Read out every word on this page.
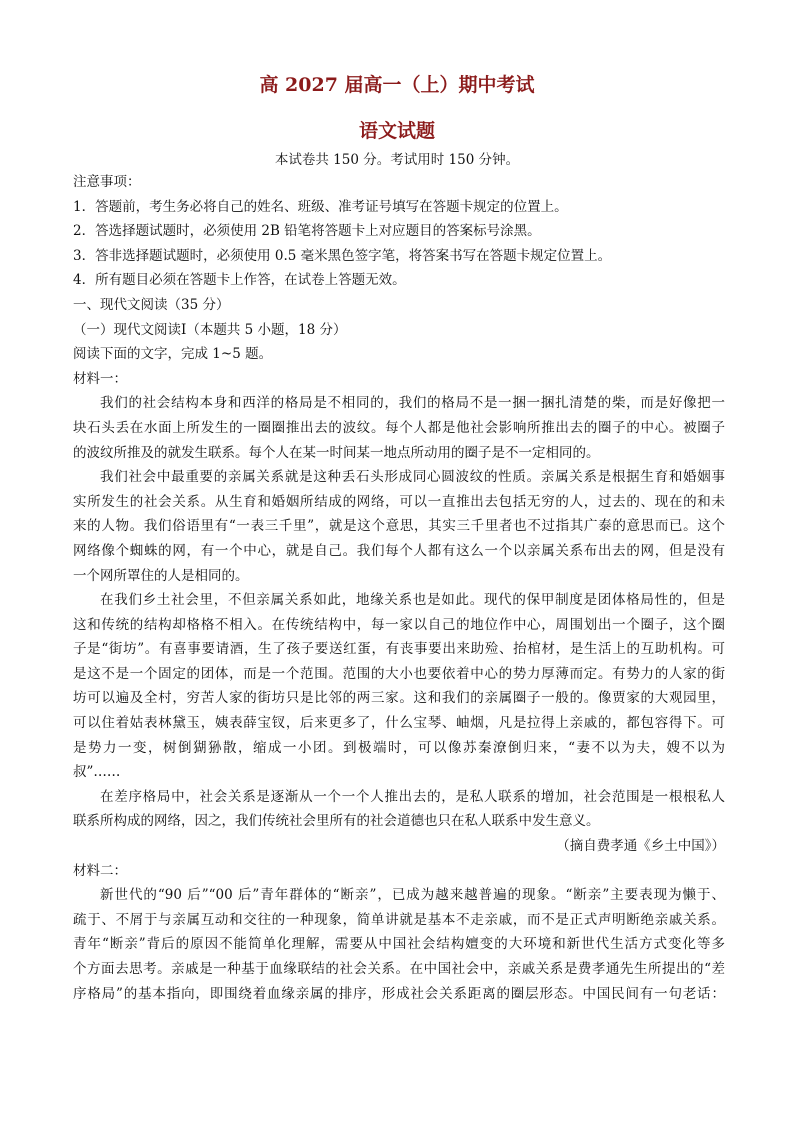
高 2027 届高一（上）期中考试
语文试题
本试卷共 150 分。考试用时 150 分钟。
注意事项：
1．答题前，考生务必将自己的姓名、班级、准考证号填写在答题卡规定的位置上。
2．答选择题试题时，必须使用 2B 铅笔将答题卡上对应题目的答案标号涂黑。
3．答非选择题试题时，必须使用 0.5 毫米黑色签字笔，将答案书写在答题卡规定位置上。
4．所有题目必须在答题卡上作答，在试卷上答题无效。
一、现代文阅读（35 分）
（一）现代文阅读Ⅰ（本题共 5 小题，18 分）
阅读下面的文字，完成 1~5 题。
材料一：
我们的社会结构本身和西洋的格局是不相同的，我们的格局不是一捆一捆扎清楚的柴，而是好像把一
块石头丢在水面上所发生的一圈圈推出去的波纹。每个人都是他社会影响所推出去的圈子的中心。被圈子
的波纹所推及的就发生联系。每个人在某一时间某一地点所动用的圈子是不一定相同的。
我们社会中最重要的亲属关系就是这种丢石头形成同心圆波纹的性质。亲属关系是根据生育和婚姻事
实所发生的社会关系。从生育和婚姻所结成的网络，可以一直推出去包括无穷的人，过去的、现在的和未
来的人物。我们俗语里有“一表三千里”，就是这个意思，其实三千里者也不过指其广泰的意思而已。这个
网络像个蜘蛛的网，有一个中心，就是自己。我们每个人都有这么一个以亲属关系布出去的网，但是没有
一个网所罩住的人是相同的。
在我们乡土社会里，不但亲属关系如此，地缘关系也是如此。现代的保甲制度是团体格局性的，但是
这和传统的结构却格格不相入。在传统结构中，每一家以自己的地位作中心，周围划出一个圈子，这个圈
子是“街坊”。有喜事要请酒，生了孩子要送红蛋，有丧事要出来助殓、抬棺材，是生活上的互助机构。可
是这不是一个固定的团体，而是一个范围。范围的大小也要依着中心的势力厚薄而定。有势力的人家的街
坊可以遍及全村，穷苦人家的街坊只是比邻的两三家。这和我们的亲属圈子一般的。像贾家的大观园里，
可以住着姑表林黛玉，姨表薛宝钗，后来更多了，什么宝琴、岫烟，凡是拉得上亲戚的，都包容得下。可
是势力一变，树倒猢狲散，缩成一小团。到极端时，可以像苏秦潦倒归来，“妻不以为夫，嫂不以为
叔”……
在差序格局中，社会关系是逐渐从一个一个人推出去的，是私人联系的增加，社会范围是一根根私人
联系所构成的网络，因之，我们传统社会里所有的社会道德也只在私人联系中发生意义。
（摘自费孝通《乡土中国》）
材料二：
新世代的“90 后”“00 后”青年群体的“断亲”，已成为越来越普遍的现象。“断亲”主要表现为懒于、
疏于、不屑于与亲属互动和交往的一种现象，简单讲就是基本不走亲戚，而不是正式声明断绝亲戚关系。
青年“断亲”背后的原因不能简单化理解，需要从中国社会结构嬗变的大环境和新世代生活方式变化等多
个方面去思考。亲戚是一种基于血缘联结的社会关系。在中国社会中，亲戚关系是费孝通先生所提出的“差
序格局”的基本指向，即围绕着血缘亲属的排序，形成社会关系距离的圈层形态。中国民间有一句老话：
